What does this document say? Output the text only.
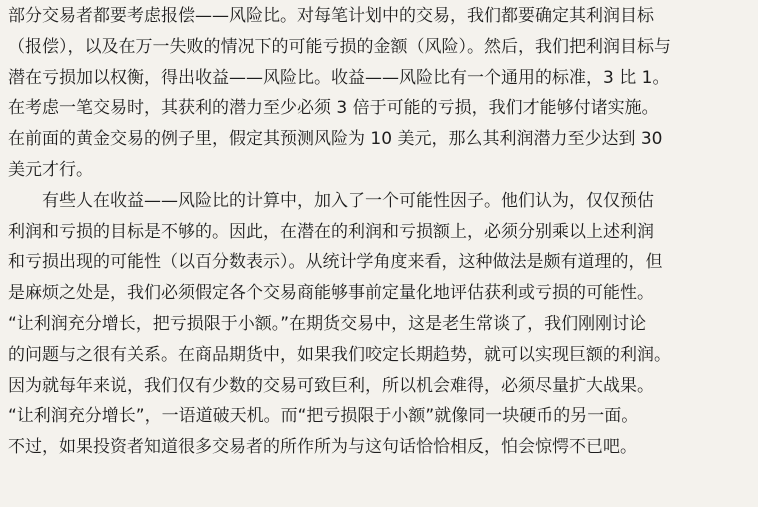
部分交易者都要考虑报偿——风险比。对每笔计划中的交易，我们都要确定其利润目标
（报偿），以及在万一失败的情况下的可能亏损的金额（风险）。然后，我们把利润目标与
潜在亏损加以权衡，得出收益——风险比。收益——风险比有一个通用的标准，3 比 1。
在考虑一笔交易时，其获利的潜力至少必须 3 倍于可能的亏损，我们才能够付诸实施。
在前面的黄金交易的例子里，假定其预测风险为 10 美元，那么其利润潜力至少达到 30
美元才行。
有些人在收益——风险比的计算中，加入了一个可能性因子。他们认为，仅仅预估
利润和亏损的目标是不够的。因此，在潜在的利润和亏损额上，必须分别乘以上述利润
和亏损出现的可能性（以百分数表示）。从统计学角度来看，这种做法是颇有道理的，但
是麻烦之处是，我们必须假定各个交易商能够事前定量化地评估获利或亏损的可能性。
“让利润充分增长，把亏损限于小额。”在期货交易中，这是老生常谈了，我们刚刚讨论
的问题与之很有关系。在商品期货中，如果我们咬定长期趋势，就可以实现巨额的利润。
因为就每年来说，我们仅有少数的交易可致巨利，所以机会难得，必须尽量扩大战果。
“让利润充分增长”，一语道破天机。而“把亏损限于小额”就像同一块硬币的另一面。
不过，如果投资者知道很多交易者的所作所为与这句话恰恰相反，怕会惊愕不已吧。
